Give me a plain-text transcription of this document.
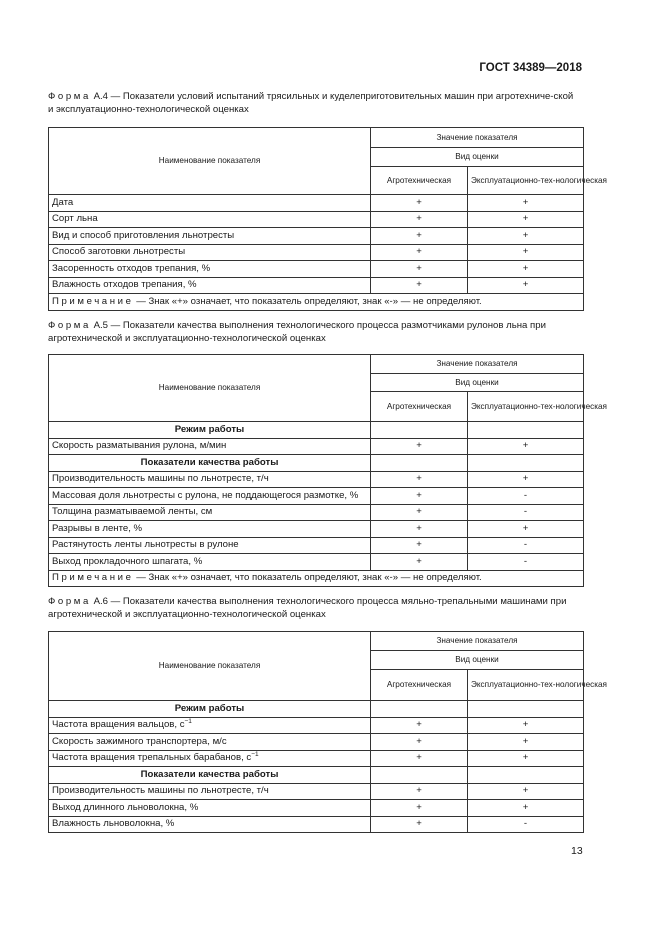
ГОСТ 34389—2018
Форма А.4 — Показатели условий испытаний трясильных и куделеприготовительных машин при агротехниче-ской и эксплуатационно-технологической оценках
Наименование показателя	Значение показателя	
	Вид оценки	
	Агротехническая	Эксплуатационно-тех-нологическая
Дата	+	+
Сорт льна	+	+
Вид и способ приготовления льнотресты	+	+
Способ заготовки льнотресты	+	+
Засоренность отходов трепания, %	+	+
Влажность отходов трепания, %	+	+
Примечание — Знак «+» означает, что показатель определяют, знак «-» — не определяют.		
Форма А.5 — Показатели качества выполнения технологического процесса размотчиками рулонов льна при агротехнической и эксплуатационно-технологической оценках
Наименование показателя	Значение показателя	
	Вид оценки	
	Агротехническая	Эксплуатационно-тех-нологическая
Режим работы		
Скорость разматывания рулона, м/мин	+	+
Показатели качества работы		
Производительность машины по льнотресте, т/ч	+	+
Массовая доля льнотресты с рулона, не поддающегося размотке, %	+	-
Толщина разматываемой ленты, см	+	-
Разрывы в ленте, %	+	+
Растянутость ленты льнотресты в рулоне	+	-
Выход прокладочного шпагата, %	+	-
Примечание — Знак «+» означает, что показатель определяют, знак «-» — не определяют.		
Форма А.6 — Показатели качества выполнения технологического процесса мяльно-трепальными машинами при агротехнической и эксплуатационно-технологической оценках
Наименование показателя	Значение показателя	
	Вид оценки	
	Агротехническая	Эксплуатационно-тех-нологическая
Режим работы		
Частота вращения вальцов, $с^{-1}$	+	+
Скорость зажимного транспортера, м/с	+	+
Частота вращения трепальных барабанов, $с^{-1}$	+	+
Показатели качества работы		
Производительность машины по льнотресте, т/ч	+	+
Выход длинного льноволокна, %	+	+
Влажность льноволокна, %	+	-
13
